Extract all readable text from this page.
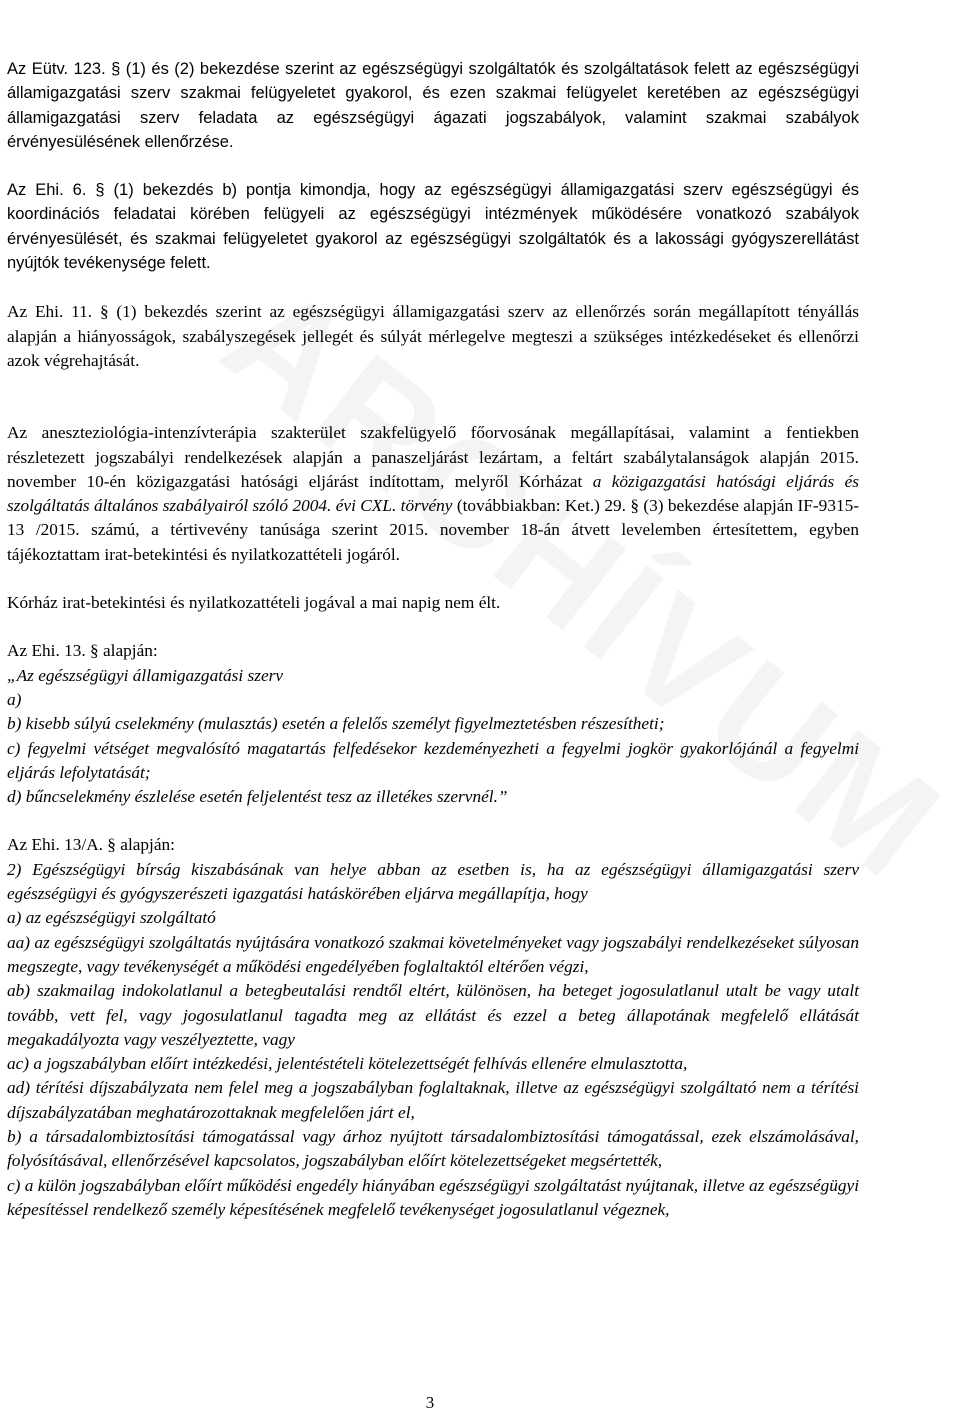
Az Eütv. 123. § (1) és (2) bekezdése szerint az egészségügyi szolgáltatók és szolgáltatások felett az egészségügyi államigazgatási szerv szakmai felügyeletet gyakorol, és ezen szakmai felügyelet keretében az egészségügyi államigazgatási szerv feladata az egészségügyi ágazati jogszabályok, valamint szakmai szabályok érvényesülésének ellenőrzése.

Az Ehi. 6. § (1) bekezdés b) pontja kimondja, hogy az egészségügyi államigazgatási szerv egészségügyi és koordinációs feladatai körében felügyeli az egészségügyi intézmények működésére vonatkozó szabályok érvényesülését, és szakmai felügyeletet gyakorol az egészségügyi szolgáltatók és a lakossági gyógyszerellátást nyújtók tevékenysége felett.

Az Ehi. 11. § (1) bekezdés szerint az egészségügyi államigazgatási szerv az ellenőrzés során megállapított tényállás alapján a hiányosságok, szabályszegések jellegét és súlyát mérlegelve megteszi a szükséges intézkedéseket és ellenőrzi azok végrehajtását.

Az aneszteziológia-intenzívterápia szakterület szakfelügyelő főorvosának megállapításai, valamint a fentiekben részletezett jogszabályi rendelkezések alapján a panaszeljárást lezártam, a feltárt szabálytalanságok alapján 2015. november 10-én közigazgatási hatósági eljárást indítottam, melyről Kórházat a közigazgatási hatósági eljárás és szolgáltatás általános szabályairól szóló 2004. évi CXL. törvény (továbbiakban: Ket.) 29. § (3) bekezdése alapján IF-9315-13 /2015. számú, a tértivevény tanúsága szerint 2015. november 18-án átvett levelemben értesítettem, egyben tájékoztattam irat-betekintési és nyilatkozattételi jogáról.

Kórház irat-betekintési és nyilatkozattételi jogával a mai napig nem élt.

Az Ehi. 13. § alapján:

„Az egészségügyi államigazgatási szerv

a)

b) kisebb súlyú cselekmény (mulasztás) esetén a felelős személyt figyelmeztetésben részesítheti;

c) fegyelmi vétséget megvalósító magatartás felfedésekor kezdeményezheti a fegyelmi jogkör gyakorlójánál a fegyelmi eljárás lefolytatását;

d) bűncselekmény észlelése esetén feljelentést tesz az illetékes szervnél.”

Az Ehi. 13/A. § alapján:

2) Egészségügyi bírság kiszabásának van helye abban az esetben is, ha az egészségügyi államigazgatási szerv egészségügyi és gyógyszerészeti igazgatási hatáskörében eljárva megállapítja, hogy

a) az egészségügyi szolgáltató

aa) az egészségügyi szolgáltatás nyújtására vonatkozó szakmai követelményeket vagy jogszabályi rendelkezéseket súlyosan megszegte, vagy tevékenységét a működési engedélyében foglaltaktól eltérően végzi,

ab) szakmailag indokolatlanul a betegbeutalási rendtől eltért, különösen, ha beteget jogosulatlanul utalt be vagy utalt tovább, vett fel, vagy jogosulatlanul tagadta meg az ellátást és ezzel a beteg állapotának megfelelő ellátását megakadályozta vagy veszélyeztette, vagy

ac) a jogszabályban előírt intézkedési, jelentéstételi kötelezettségét felhívás ellenére elmulasztotta,

ad) térítési díjszabályzata nem felel meg a jogszabályban foglaltaknak, illetve az egészségügyi szolgáltató nem a térítési díjszabályzatában meghatározottaknak megfelelően járt el,

b) a társadalombiztosítási támogatással vagy árhoz nyújtott társadalombiztosítási támogatással, ezek elszámolásával, folyósításával, ellenőrzésével kapcsolatos, jogszabályban előírt kötelezettségeket megsértették,

c) a külön jogszabályban előírt működési engedély hiányában egészségügyi szolgáltatást nyújtanak, illetve az egészségügyi képesítéssel rendelkező személy képesítésének megfelelő tevékenységet jogosulatlanul végeznek,

3
